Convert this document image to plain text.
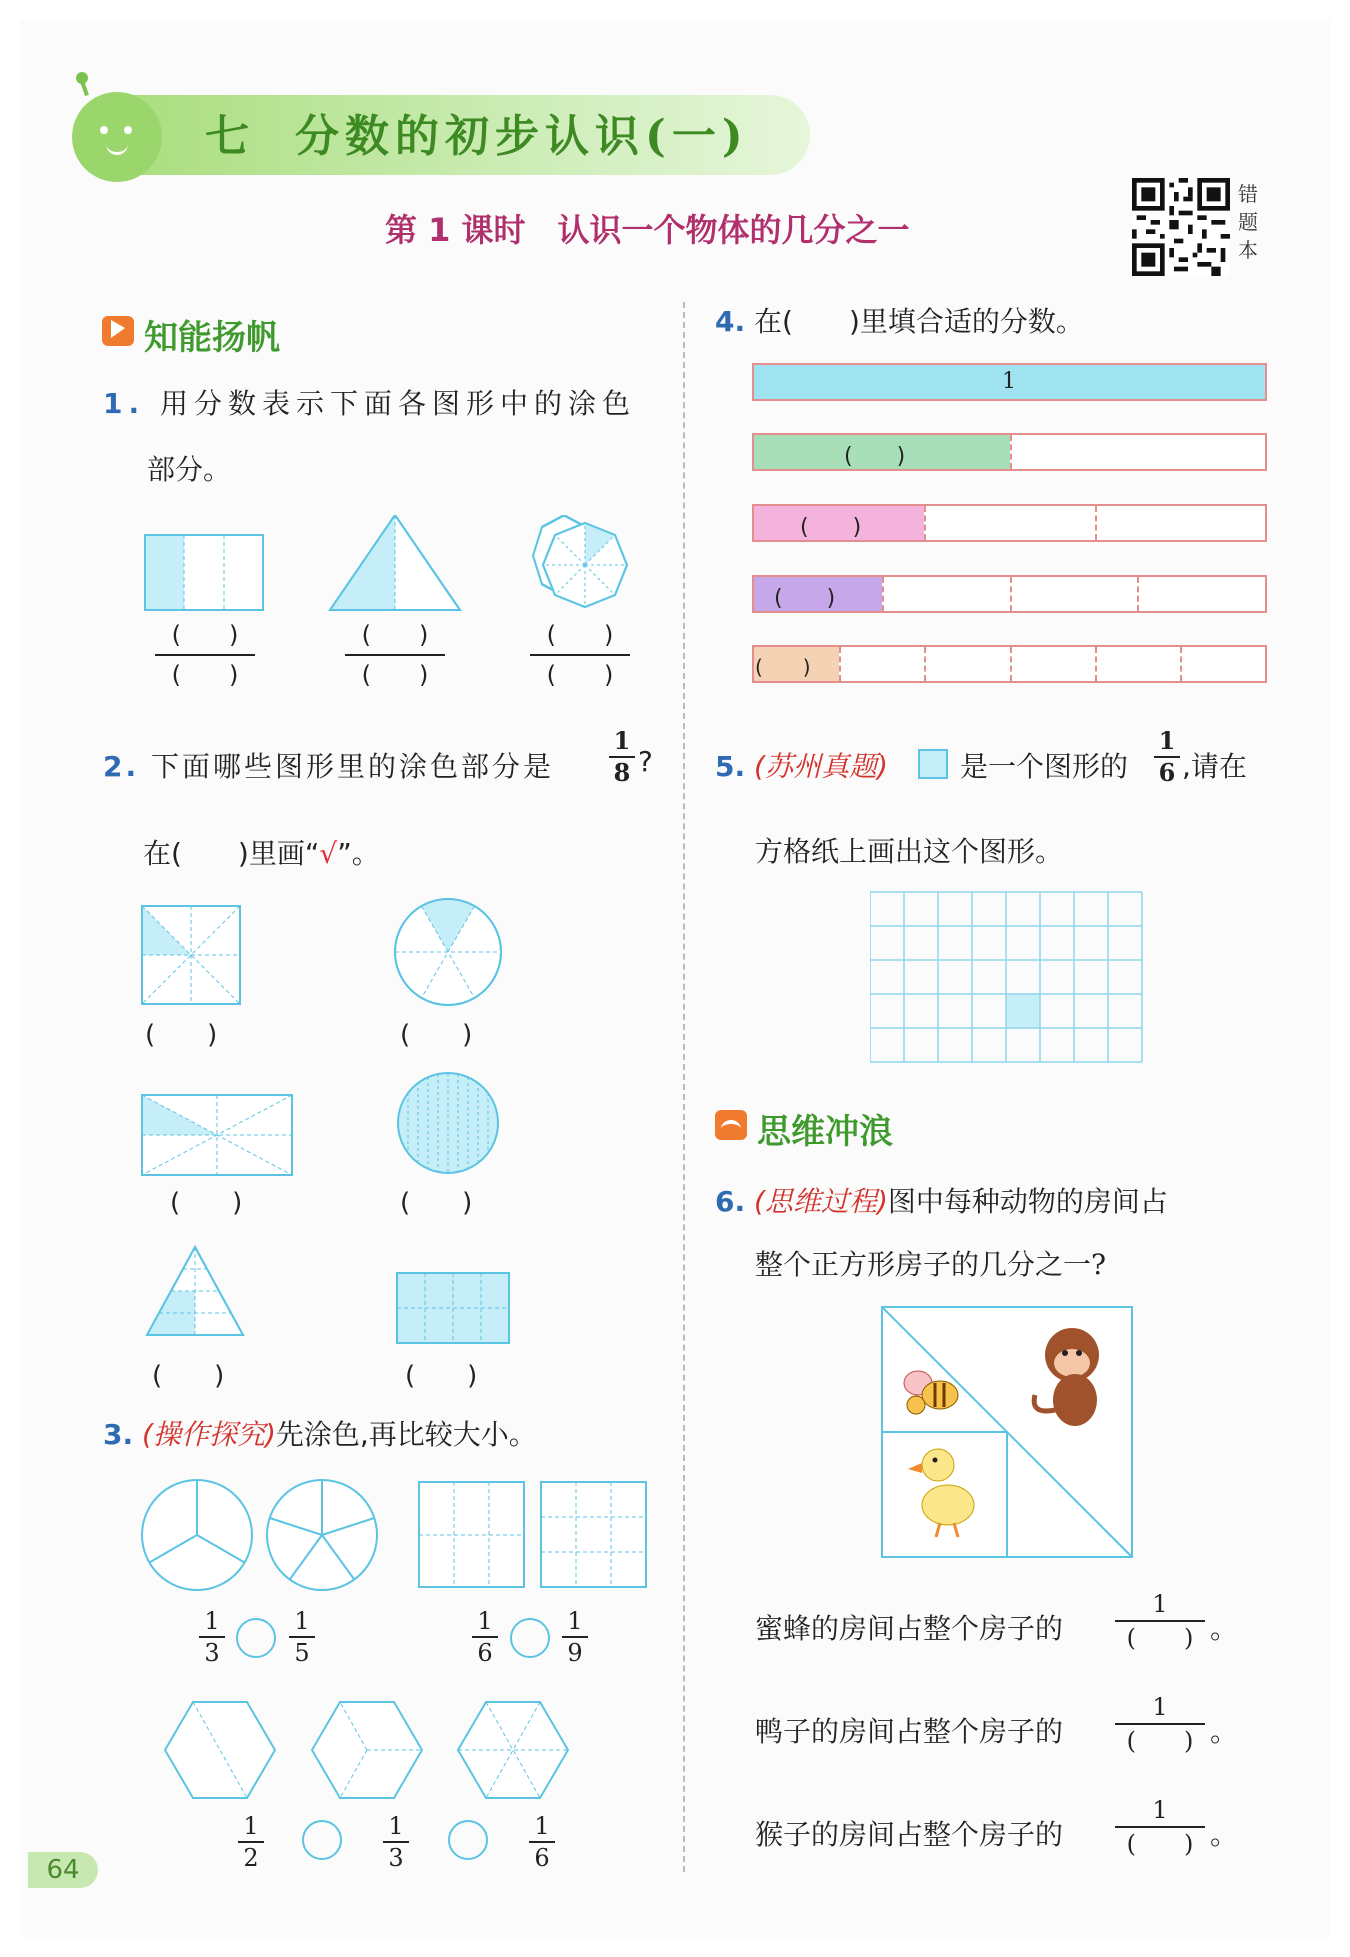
七 分数的初步认识(一)
第 1 课时　认识一个物体的几分之一
错
题
本
知能扬帆
1. 用分数表示下面各图形中的涂色
部分。
(　　)
(　　)
(　　)
(　　)
(　　)
(　　)
2. 下面哪些图形里的涂色部分是
1
8 ?
在(　　)里画“√”。
(　　)	(　　)
(　　)	(　　)
(　　)	(　　)
3. (操作探究)先涂色,再比较大小。
1
3
1
5
1
6
1
9
1
2
1
3
1
6
64
4. 在(　　)里填合适的分数。
1
(　　)
(　　)
(　　)
(　　)
5. (苏州真题)	是一个图形的
1
6 ,请在
方格纸上画出这个图形。
思维冲浪
6. (思维过程)图中每种动物的房间占
整个正方形房子的几分之一?
蜜蜂的房间占整个房子的
1
(　　) 。
鸭子的房间占整个房子的
1
(　　) 。
猴子的房间占整个房子的
1
(　　) 。
